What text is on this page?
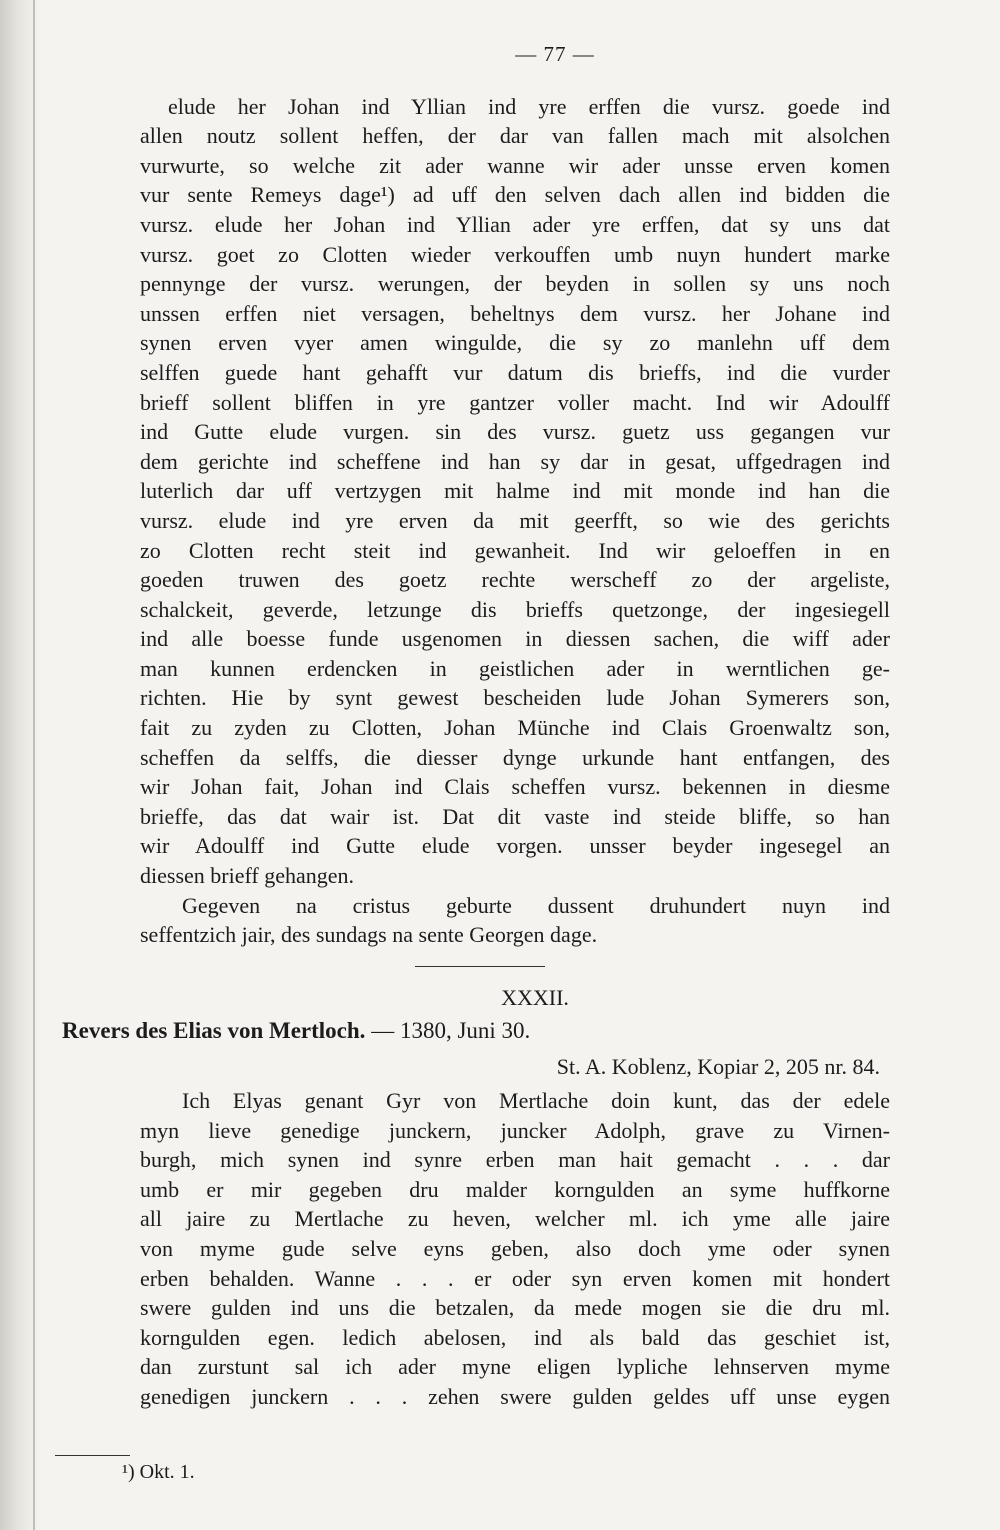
— 77 —
elude her Johan ind Yllian ind yre erffen die vursz. goede ind
allen noutz sollent heffen, der dar van fallen mach mit alsolchen
vurwurte, so welche zit ader wanne wir ader unsse erven komen
vur sente Remeys dage¹) ad uff den selven dach allen ind bidden die
vursz. elude her Johan ind Yllian ader yre erffen, dat sy uns dat
vursz. goet zo Clotten wieder verkouffen umb nuyn hundert marke
pennynge der vursz. werungen, der beyden in sollen sy uns noch
unssen erffen niet versagen, beheltnys dem vursz. her Johane ind
synen erven vyer amen wingulde, die sy zo manlehn uff dem
selffen guede hant gehafft vur datum dis brieffs, ind die vurder
brieff sollent bliffen in yre gantzer voller macht. Ind wir Adoulff
ind Gutte elude vurgen. sin des vursz. guetz uss gegangen vur
dem gerichte ind scheffene ind han sy dar in gesat, uffgedragen ind
luterlich dar uff vertzygen mit halme ind mit monde ind han die
vursz. elude ind yre erven da mit geerfft, so wie des gerichts
zo Clotten recht steit ind gewanheit. Ind wir geloeffen in en
goeden truwen des goetz rechte werscheff zo der argeliste,
schalckeit, geverde, letzunge dis brieffs quetzonge, der ingesiegell
ind alle boesse funde usgenomen in diessen sachen, die wiff ader
man kunnen erdencken in geistlichen ader in werntlichen ge-
richten. Hie by synt gewest bescheiden lude Johan Symerers son,
fait zu zyden zu Clotten, Johan Münche ind Clais Groenwaltz son,
scheffen da selffs, die diesser dynge urkunde hant entfangen, des
wir Johan fait, Johan ind Clais scheffen vursz. bekennen in diesme
brieffe, das dat wair ist. Dat dit vaste ind steide bliffe, so han
wir Adoulff ind Gutte elude vorgen. unsser beyder ingesegel an
diessen brieff gehangen.
Gegeven na cristus geburte dussent druhundert nuyn ind
seffentzich jair, des sundags na sente Georgen dage.
XXXII.
Revers des Elias von Mertloch. — 1380, Juni 30.
St. A. Koblenz, Kopiar 2, 205 nr. 84.
Ich Elyas genant Gyr von Mertlache doin kunt, das der edele
myn lieve genedige junckern, juncker Adolph, grave zu Virnen-
burgh, mich synen ind synre erben man hait gemacht . . . dar
umb er mir gegeben dru malder korngulden an syme huffkorne
all jaire zu Mertlache zu heven, welcher ml. ich yme alle jaire
von myme gude selve eyns geben, also doch yme oder synen
erben behalden. Wanne . . . er oder syn erven komen mit hondert
swere gulden ind uns die betzalen, da mede mogen sie die dru ml.
korngulden egen. ledich abelosen, ind als bald das geschiet ist,
dan zurstunt sal ich ader myne eligen lypliche lehnserven myme
genedigen junckern . . . zehen swere gulden geldes uff unse eygen
¹) Okt. 1.
